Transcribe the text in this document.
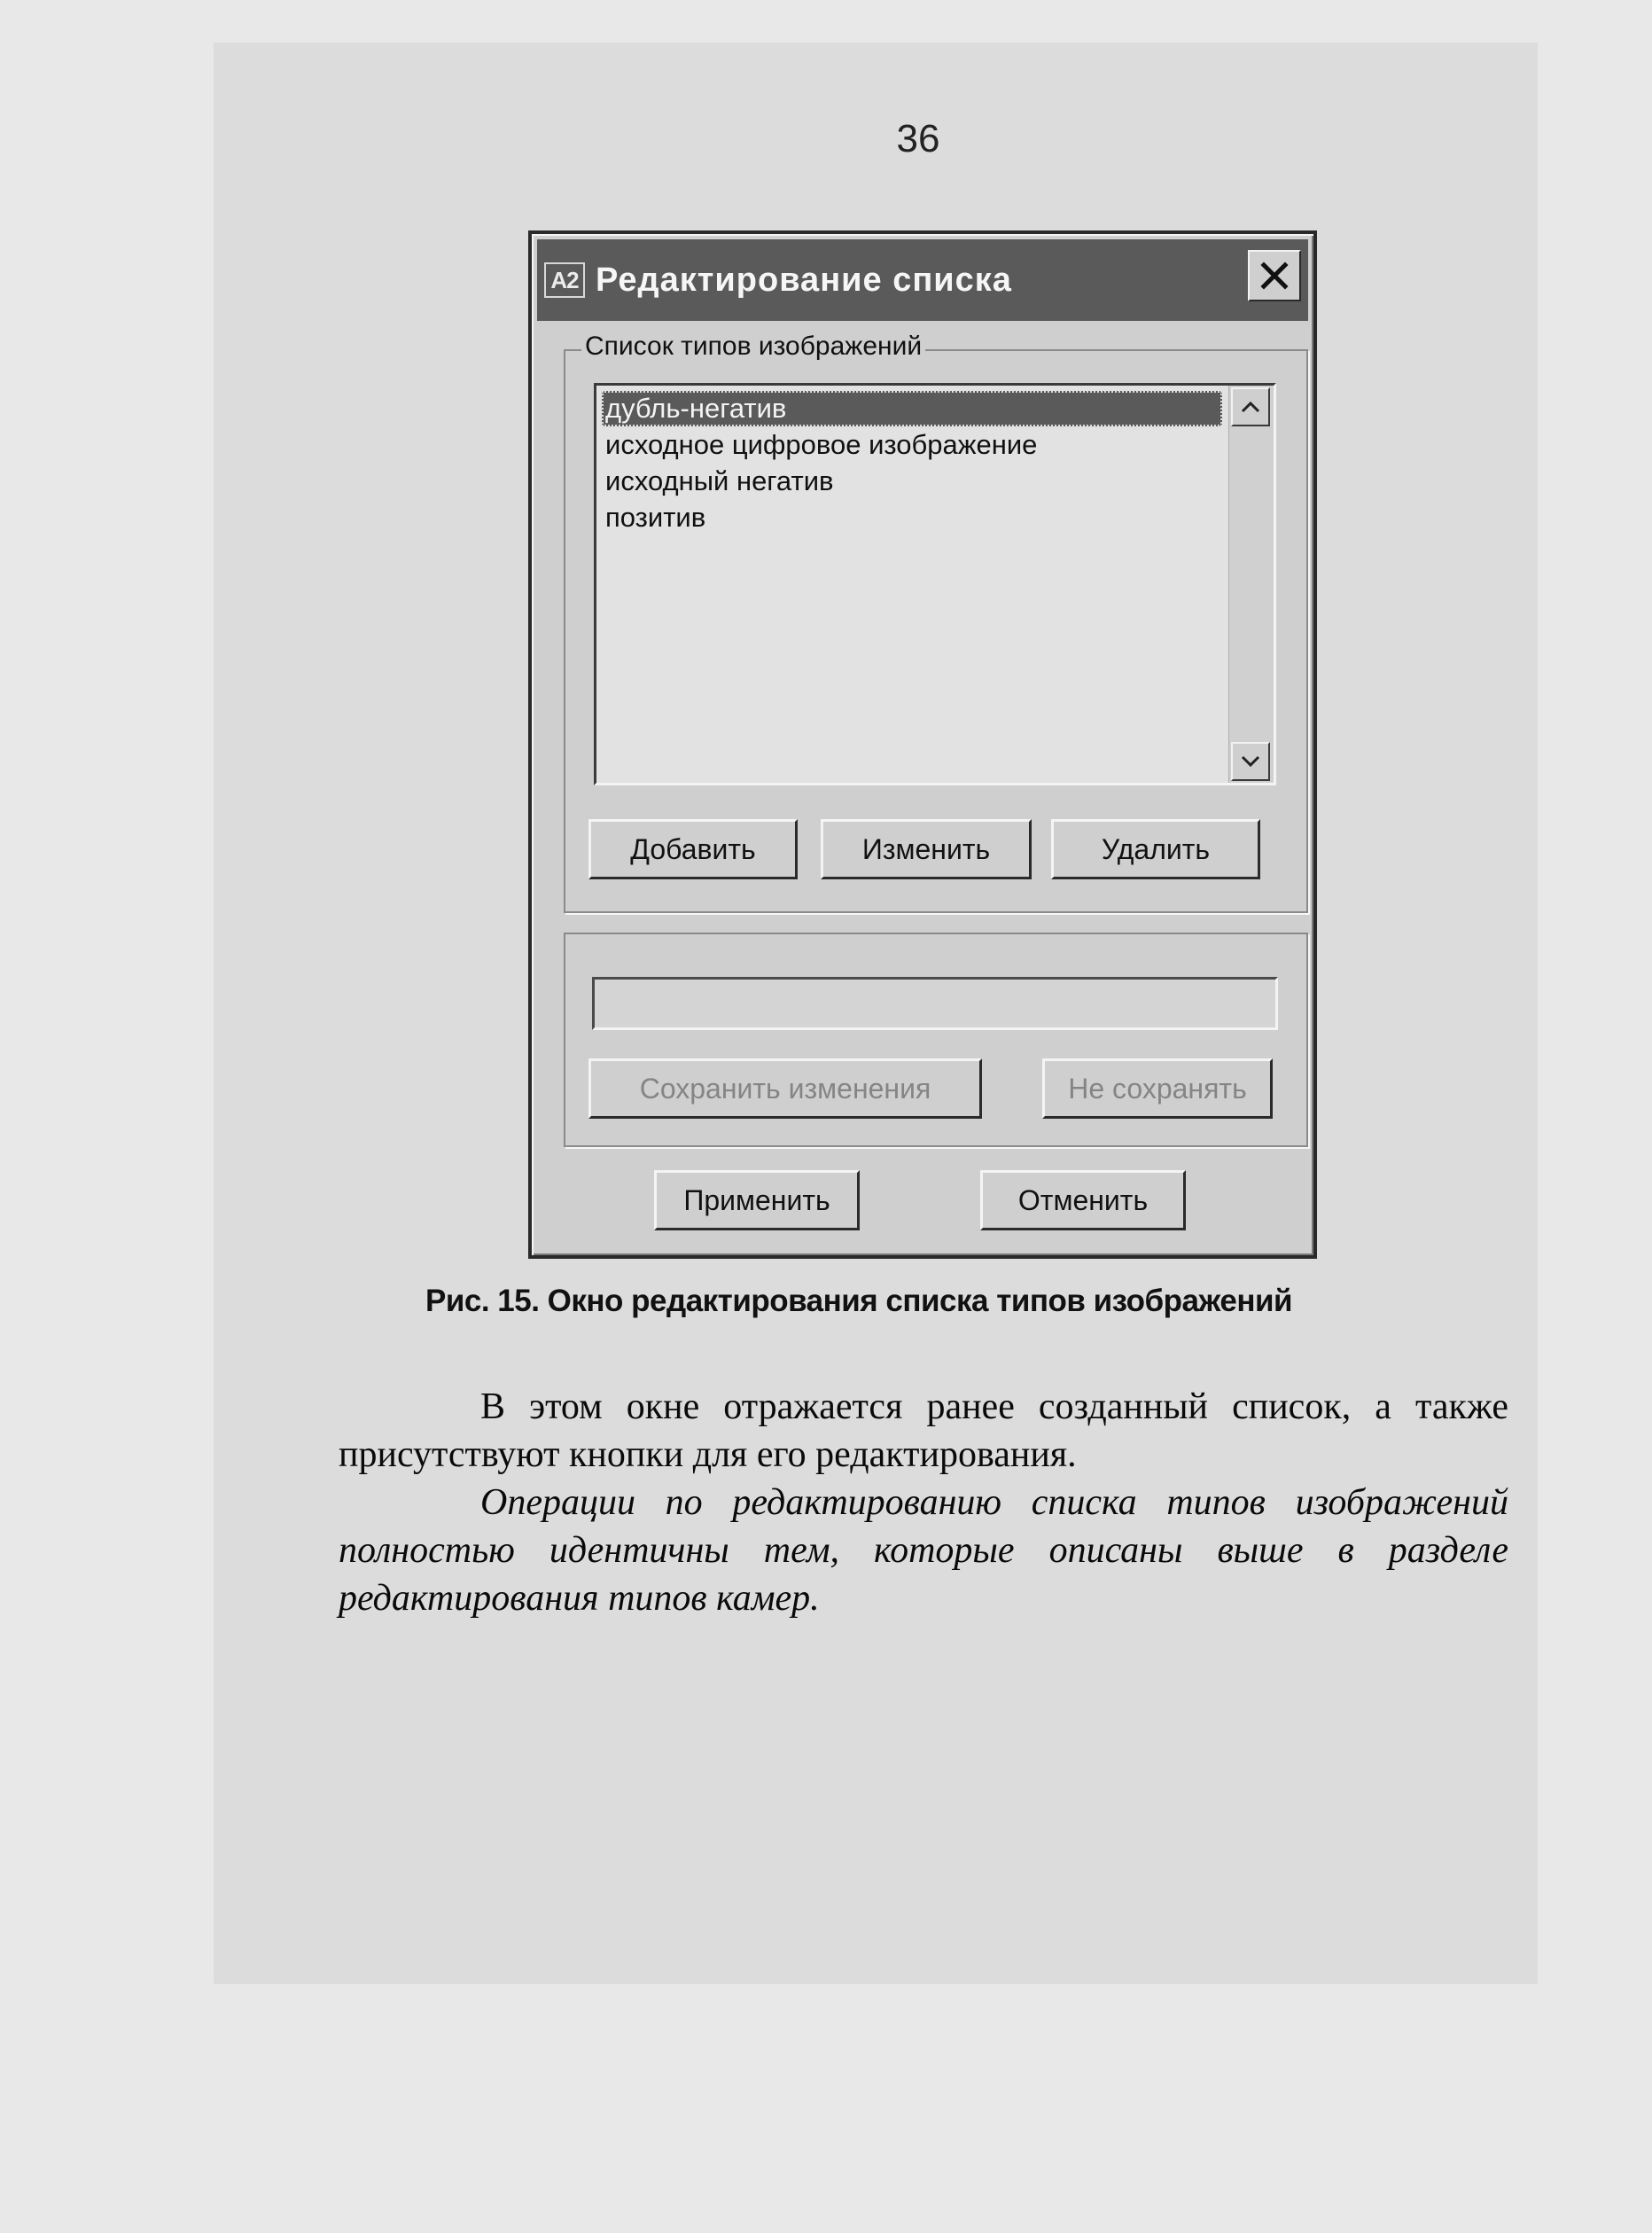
36
A2 Редактирование списка
Список типов изображений
дубль-негатив
исходное цифровое изображение
исходный негатив
позитив
Добавить	Изменить	Удалить
Сохранить изменения	Не сохранять
Применить	Отменить
Рис. 15. Окно редактирования списка типов изображений
В этом окне отражается ранее созданный список, а также присутствуют кнопки для его редактирования.
Операции по редактированию списка типов изображений полностью идентичны тем, которые описаны выше в разделе редактирования типов камер.
